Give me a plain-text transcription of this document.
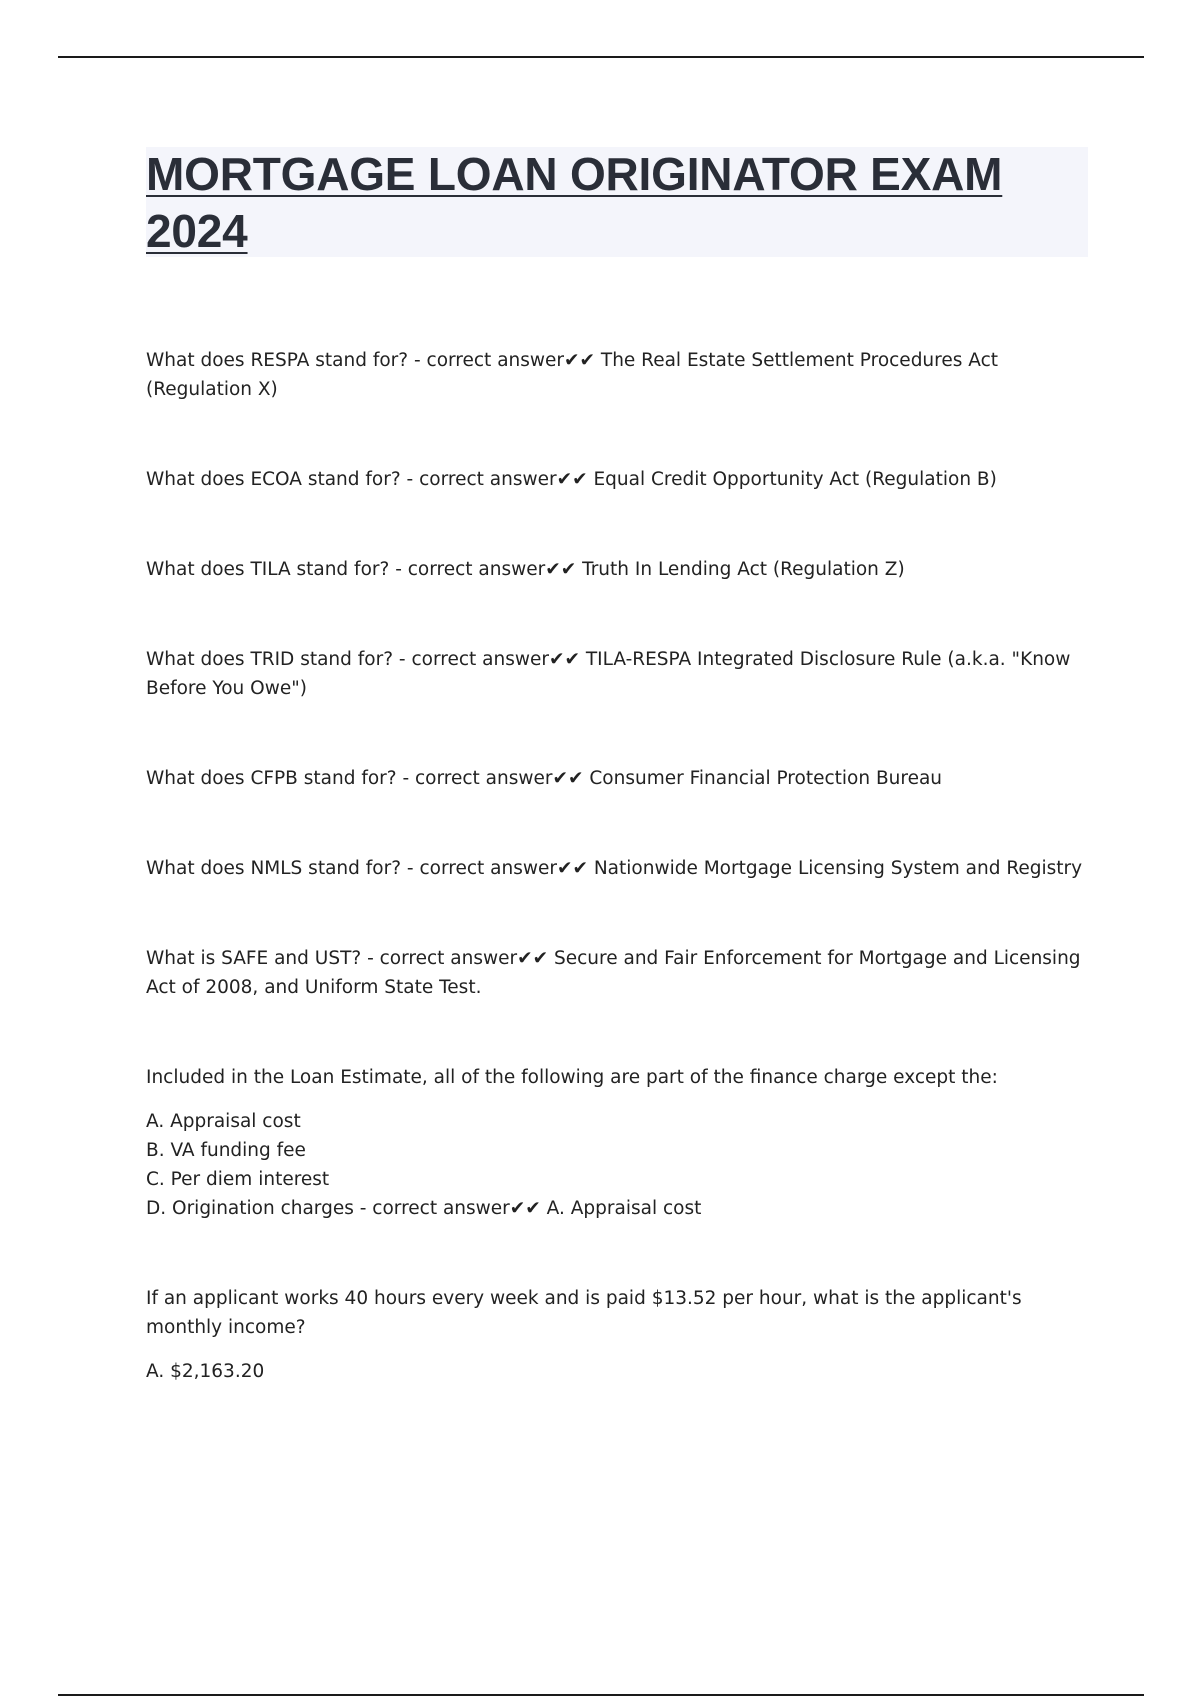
MORTGAGE LOAN ORIGINATOR EXAM 2024

What does RESPA stand for? - correct answer✔✔ The Real Estate Settlement Procedures Act (Regulation X)

What does ECOA stand for? - correct answer✔✔ Equal Credit Opportunity Act (Regulation B)

What does TILA stand for? - correct answer✔✔ Truth In Lending Act (Regulation Z)

What does TRID stand for? - correct answer✔✔ TILA-RESPA Integrated Disclosure Rule (a.k.a. "Know Before You Owe")

What does CFPB stand for? - correct answer✔✔ Consumer Financial Protection Bureau

What does NMLS stand for? - correct answer✔✔ Nationwide Mortgage Licensing System and Registry

What is SAFE and UST? - correct answer✔✔ Secure and Fair Enforcement for Mortgage and Licensing Act of 2008, and Uniform State Test.

Included in the Loan Estimate, all of the following are part of the finance charge except the:

A. Appraisal cost

B. VA funding fee

C. Per diem interest

D. Origination charges - correct answer✔✔ A. Appraisal cost

If an applicant works 40 hours every week and is paid $13.52 per hour, what is the applicant's monthly income?

A. $2,163.20
